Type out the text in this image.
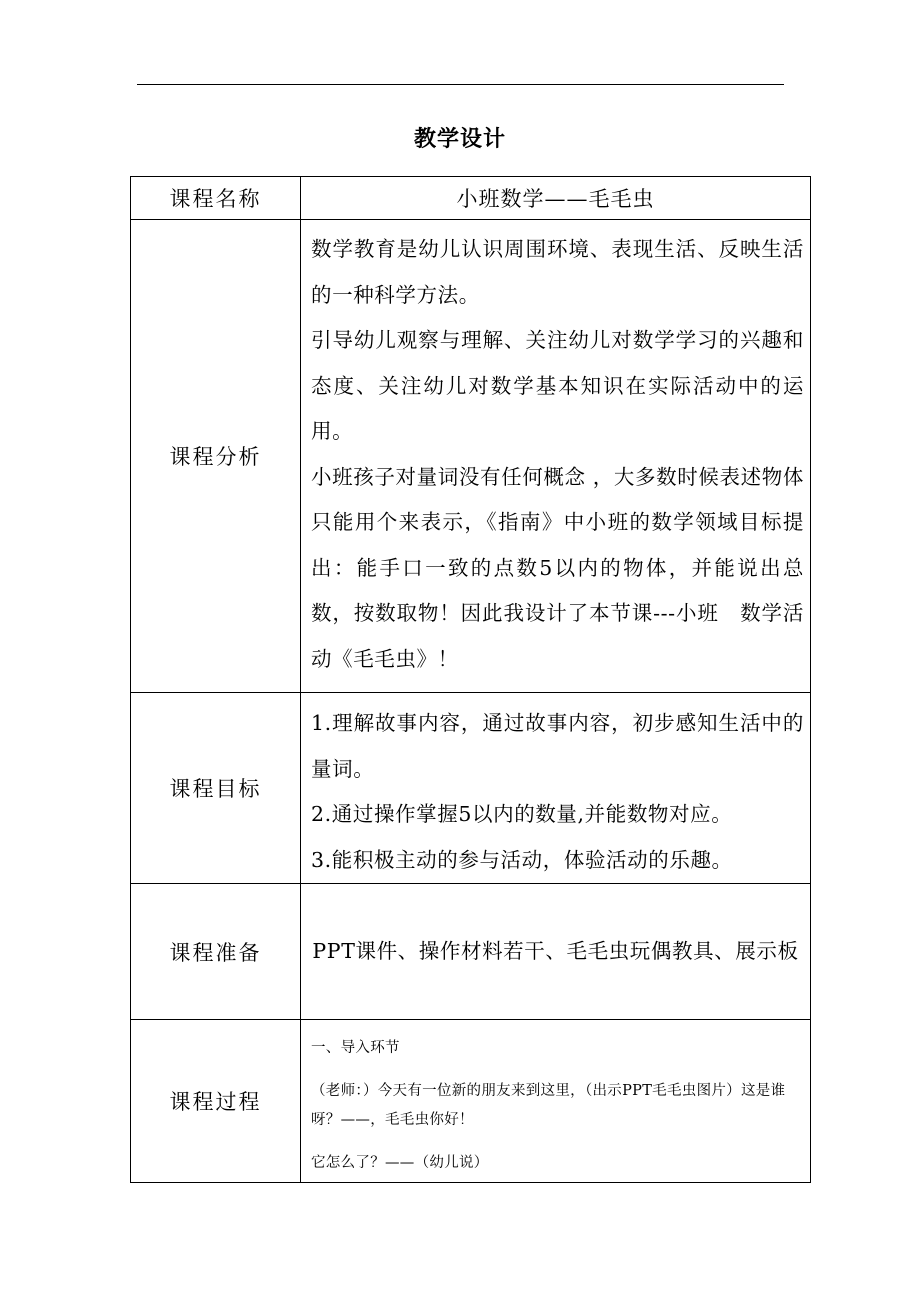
教学设计
课程名称	小班数学——毛毛虫
课程分析	数学教育是幼儿认识周围环境、表现生活、反映生活的一种科学方法。

引导幼儿观察与理解、关注幼儿对数学学习的兴趣和态度、关注幼儿对数学基本知识在实际活动中的运用。

小班孩子对量词没有任何概念 ，大多数时候表述物体只能用个来表示，《指南》中小班的数学领域目标提出：能手口一致的点数5以内的物体，并能说出总数，按数取物！因此我设计了本节课---小班　数学活动《毛毛虫》！

课程目标	1.理解故事内容，通过故事内容，初步感知生活中的量词。

2.通过操作掌握5以内的数量,并能数物对应。

3.能积极主动的参与活动，体验活动的乐趣。

课程准备	PPT课件、操作材料若干、毛毛虫玩偶教具、展示板

课程过程	一、导入环节

（老师：）今天有一位新的朋友来到这里，（出示PPT毛毛虫图片）这是谁呀？——，毛毛虫你好！

它怎么了？——（幼儿说）
